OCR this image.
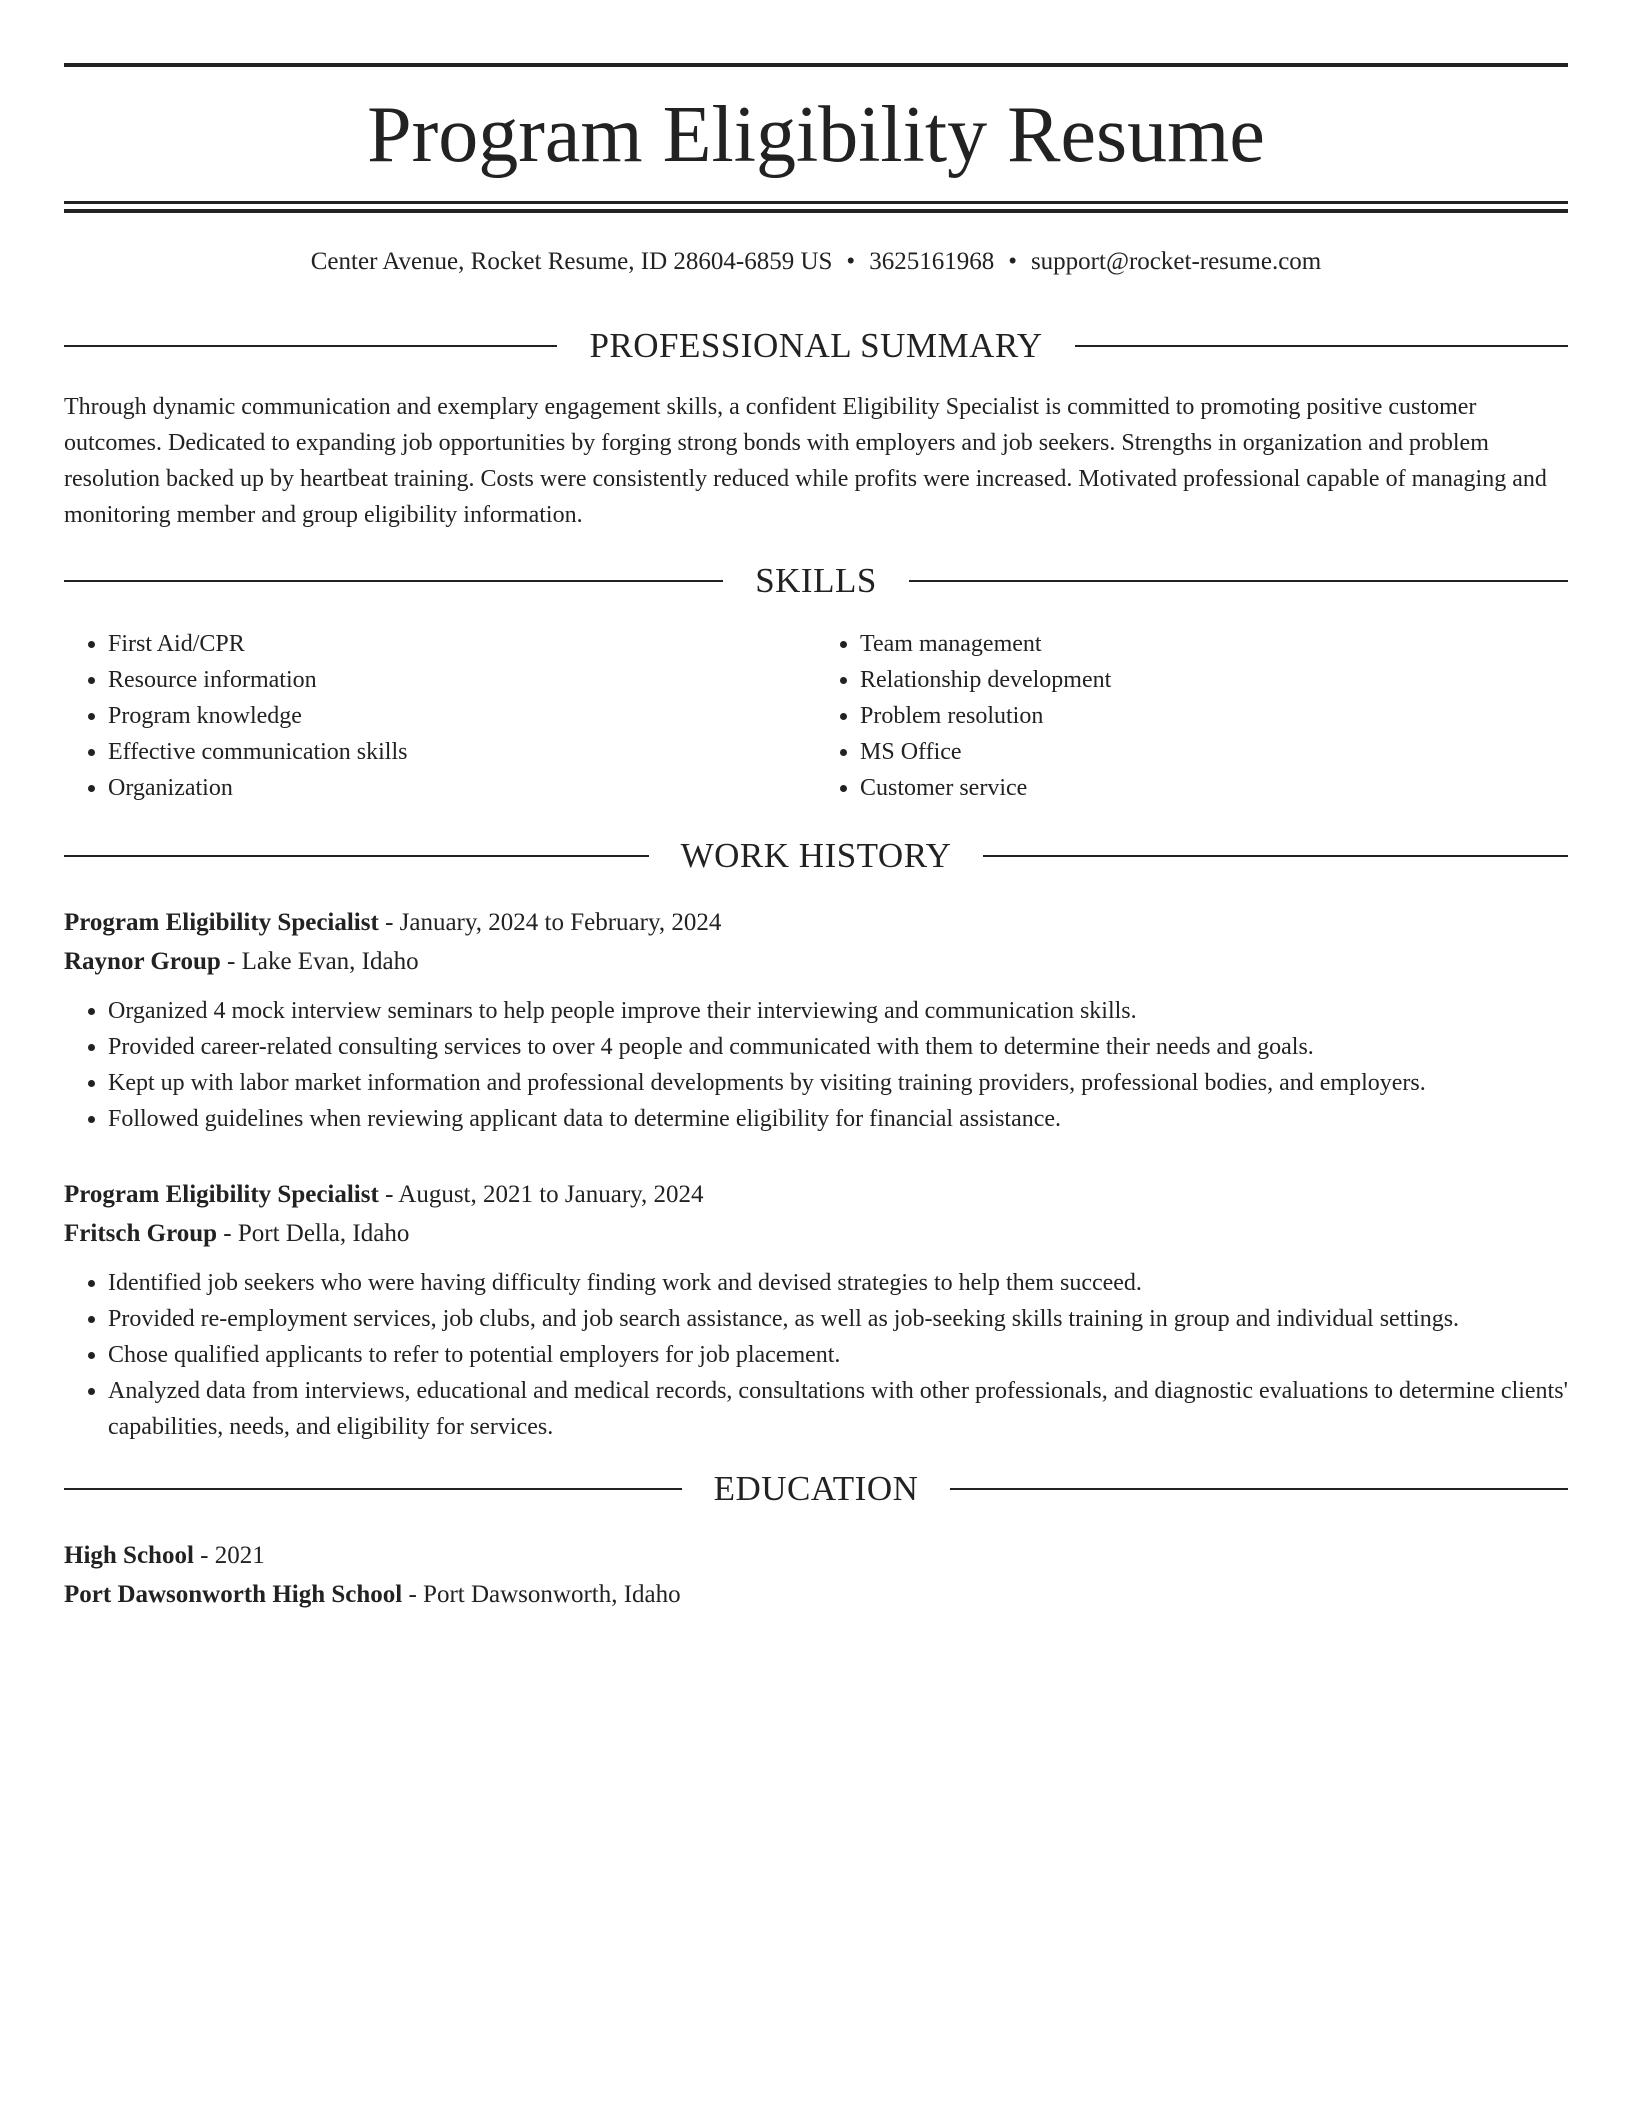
Program Eligibility Resume
Center Avenue, Rocket Resume, ID 28604-6859 US • 3625161968 • support@rocket-resume.com
PROFESSIONAL SUMMARY

Through dynamic communication and exemplary engagement skills, a confident Eligibility Specialist is committed to promoting positive customer outcomes. Dedicated to expanding job opportunities by forging strong bonds with employers and job seekers. Strengths in organization and problem resolution backed up by heartbeat training. Costs were consistently reduced while profits were increased. Motivated professional capable of managing and monitoring member and group eligibility information.

SKILLS
• First Aid/CPR
• Resource information
• Program knowledge
• Effective communication skills
• Organization
• Team management
• Relationship development
• Problem resolution
• MS Office
• Customer service
WORK HISTORY
Program Eligibility Specialist - January, 2024 to February, 2024
Raynor Group - Lake Evan, Idaho
• Organized 4 mock interview seminars to help people improve their interviewing and communication skills.
• Provided career-related consulting services to over 4 people and communicated with them to determine their needs and goals.
• Kept up with labor market information and professional developments by visiting training providers, professional bodies, and employers.
• Followed guidelines when reviewing applicant data to determine eligibility for financial assistance.
Program Eligibility Specialist - August, 2021 to January, 2024
Fritsch Group - Port Della, Idaho
• Identified job seekers who were having difficulty finding work and devised strategies to help them succeed.
• Provided re-employment services, job clubs, and job search assistance, as well as job-seeking skills training in group and individual settings.
• Chose qualified applicants to refer to potential employers for job placement.
• Analyzed data from interviews, educational and medical records, consultations with other professionals, and diagnostic evaluations to determine clients' capabilities, needs, and eligibility for services.
EDUCATION
High School - 2021
Port Dawsonworth High School - Port Dawsonworth, Idaho
